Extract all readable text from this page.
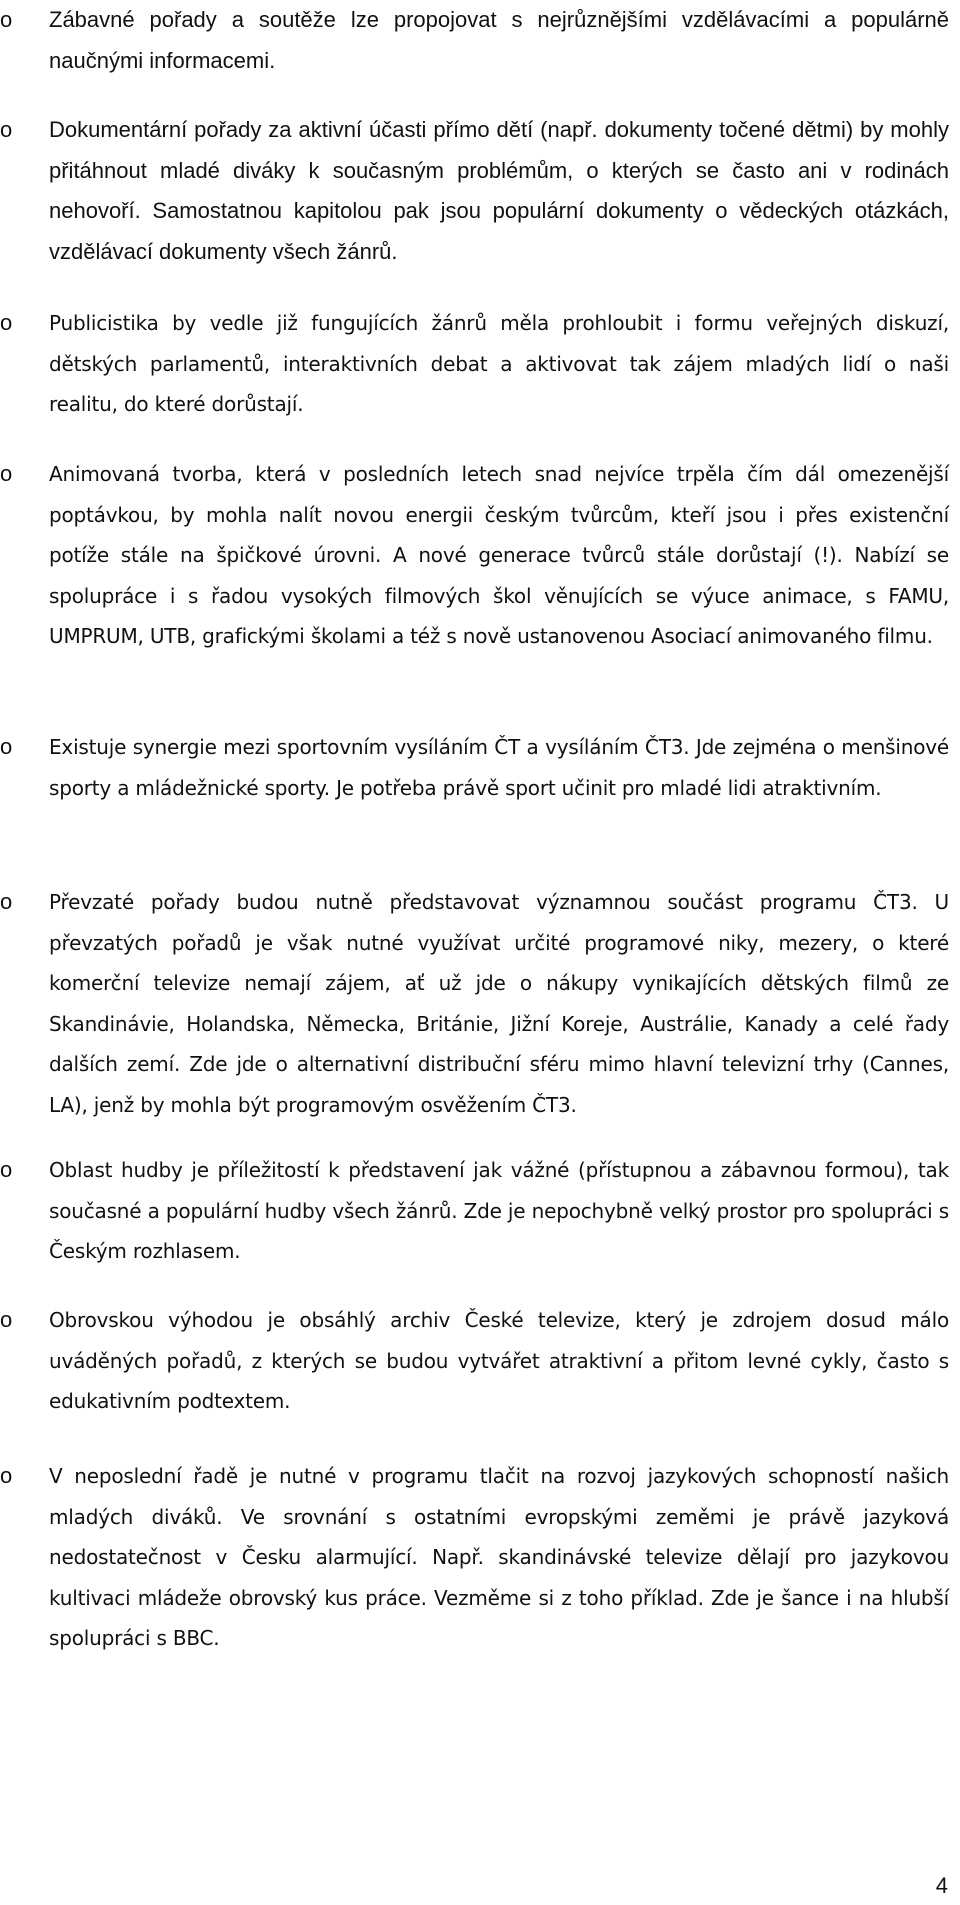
o	Zábavné pořady a soutěže lze propojovat s nejrůznějšími vzdělávacími a populárně naučnými informacemi.
o	Dokumentární pořady za aktivní účasti přímo dětí (např. dokumenty točené dětmi) by mohly přitáhnout mladé diváky k současným problémům, o kterých se často ani v rodinách nehovoří. Samostatnou kapitolou pak jsou populární dokumenty o vědeckých otázkách, vzdělávací dokumenty všech žánrů.
o	Publicistika by vedle již fungujících žánrů měla prohloubit i formu veřejných diskuzí, dětských parlamentů, interaktivních debat a aktivovat tak zájem mladých lidí o naši realitu, do které dorůstají.
o	Animovaná tvorba, která v posledních letech snad nejvíce trpěla čím dál omezenější poptávkou, by mohla nalít novou energii českým tvůrcům, kteří jsou i přes existenční potíže stále na špičkové úrovni. A nové generace tvůrců stále dorůstají (!). Nabízí se spolupráce i s řadou vysokých filmových škol věnujících se výuce animace, s FAMU, UMPRUM, UTB, grafickými školami a též s nově ustanovenou Asociací animovaného filmu.
o	Existuje synergie mezi sportovním vysíláním ČT a vysíláním ČT3. Jde zejména o menšinové sporty a mládežnické sporty. Je potřeba právě sport učinit pro mladé lidi atraktivním.
o	Převzaté pořady budou nutně představovat významnou součást programu ČT3. U převzatých pořadů je však nutné využívat určité programové niky, mezery, o které komerční televize nemají zájem, ať už jde o nákupy vynikajících dětských filmů ze Skandinávie, Holandska, Německa, Británie, Jižní Koreje, Austrálie, Kanady a celé řady dalších zemí. Zde jde o alternativní distribuční sféru mimo hlavní televizní trhy (Cannes, LA), jenž by mohla být programovým osvěžením ČT3.
o	Oblast hudby je příležitostí k představení jak vážné (přístupnou a zábavnou formou), tak současné a populární hudby všech žánrů. Zde je nepochybně velký prostor pro spolupráci s Českým rozhlasem.
o	Obrovskou výhodou je obsáhlý archiv České televize, který je zdrojem dosud málo uváděných pořadů, z kterých se budou vytvářet atraktivní a přitom levné cykly, často s edukativním podtextem.
o	V neposlední řadě je nutné v programu tlačit na rozvoj jazykových schopností našich mladých diváků. Ve srovnání s ostatními evropskými zeměmi je právě jazyková nedostatečnost v Česku alarmující. Např. skandinávské televize dělají pro jazykovou kultivaci mládeže obrovský kus práce. Vezměme si z toho příklad. Zde je šance i na hlubší spolupráci s BBC.
4
